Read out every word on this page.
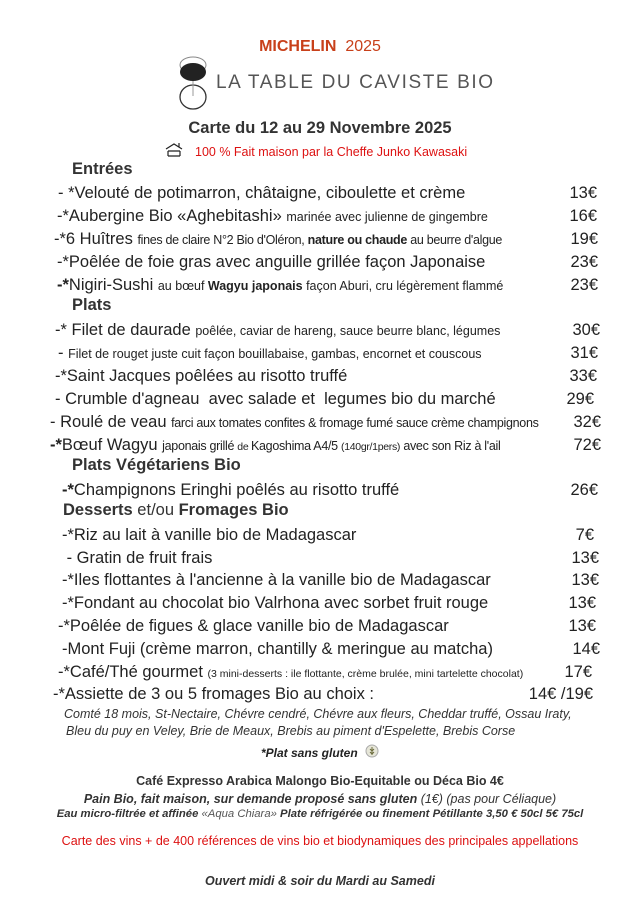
MICHELIN 2025
LA TABLE DU CAVISTE BIO
Carte du 12 au 29 Novembre 2025
100 % Fait maison par la Cheffe Junko Kawasaki
Comté 18 mois, St-Nectaire, Chévre cendré, Chévre aux fleurs, Cheddar truffé, Ossau Iraty,
Bleu du puy en Veley, Brie de Meaux, Brebis au piment d'Espelette, Brebis Corse
*Plat sans gluten
Café Expresso Arabica Malongo Bio-Equitable ou Déca Bio 4€
Pain Bio, fait maison, sur demande proposé sans gluten (1€) (pas pour Céliaque)
Eau micro-filtrée et affinée «Aqua Chiara» Plate réfrigérée ou finement Pétillante 3,50 € 50cl 5€ 75cl
Carte des vins + de 400 références de vins bio et biodynamiques des principales appellations
Ouvert midi & soir du Mardi au Samedi
Entrées
- *Velouté de potimarron, châtaigne, ciboulette et crème	13€
-*Aubergine Bio «Aghebitashi» marinée avec julienne de gingembre	16€
-*6 Huîtres fines de claire N°2 Bio d'Oléron, nature ou chaude au beurre d'algue	19€
-*Poêlée de foie gras avec anguille grillée façon Japonaise	23€
-*Nigiri-Sushi au bœuf Wagyu japonais façon Aburi, cru légèrement flammé	23€
Plats
-* Filet de daurade poêlée, caviar de hareng, sauce beurre blanc, légumes	30€
- Filet de rouget juste cuit façon bouillabaise, gambas, encornet et couscous	31€
-*Saint Jacques poêlées au risotto truffé	33€
- Crumble d'agneau  avec salade et  legumes bio du marché	29€
- Roulé de veau farci aux tomates confites & fromage fumé sauce crème champignons 32€
-*Bœuf Wagyu japonais grillé de Kagoshima A4/5 (140gr/1pers) avec son Riz à l'ail	72€
Plats Végétariens Bio
-*Champignons Eringhi poêlés au risotto truffé	26€
Desserts et/ou Fromages Bio
-*Riz au lait à vanille bio de Madagascar	7€
- Gratin de fruit frais	13€
-*Iles flottantes à l'ancienne à la vanille bio de Madagascar	13€
-*Fondant au chocolat bio Valrhona avec sorbet fruit rouge	13€
-*Poêlée de figues & glace vanille bio de Madagascar	13€
-Mont Fuji (crème marron, chantilly & meringue au matcha)	14€
-*Café/Thé gourmet (3 mini-desserts : ile flottante, crème brulée, mini tartelette chocolat)	17€
-*Assiette de 3 ou 5 fromages Bio au choix :	14€ /19€
